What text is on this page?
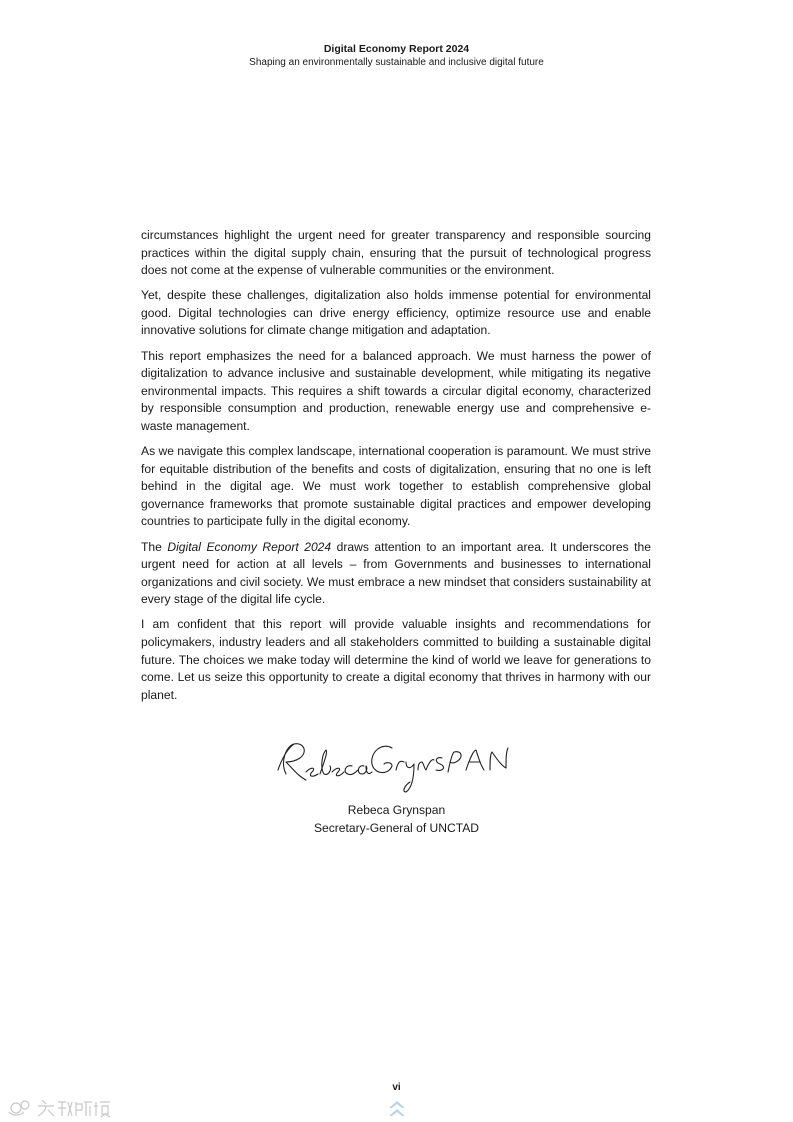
Digital Economy Report 2024
Shaping an environmentally sustainable and inclusive digital future

circumstances highlight the urgent need for greater transparency and responsible sourcing practices within the digital supply chain, ensuring that the pursuit of technological progress does not come at the expense of vulnerable communities or the environment.

Yet, despite these challenges, digitalization also holds immense potential for environmental good. Digital technologies can drive energy efficiency, optimize resource use and enable innovative solutions for climate change mitigation and adaptation.

This report emphasizes the need for a balanced approach. We must harness the power of digitalization to advance inclusive and sustainable development, while mitigating its negative environmental impacts. This requires a shift towards a circular digital economy, characterized by responsible consumption and production, renewable energy use and comprehensive e-waste management.

As we navigate this complex landscape, international cooperation is paramount. We must strive for equitable distribution of the benefits and costs of digitalization, ensuring that no one is left behind in the digital age. We must work together to establish comprehensive global governance frameworks that promote sustainable digital practices and empower developing countries to participate fully in the digital economy.

The Digital Economy Report 2024 draws attention to an important area. It underscores the urgent need for action at all levels – from Governments and businesses to international organizations and civil society. We must embrace a new mindset that considers sustainability at every stage of the digital life cycle.

I am confident that this report will provide valuable insights and recommendations for policymakers, industry leaders and all stakeholders committed to building a sustainable digital future. The choices we make today will determine the kind of world we leave for generations to come. Let us seize this opportunity to create a digital economy that thrives in harmony with our planet.

Rebeca Grynspan
Secretary-General of UNCTAD
vi
